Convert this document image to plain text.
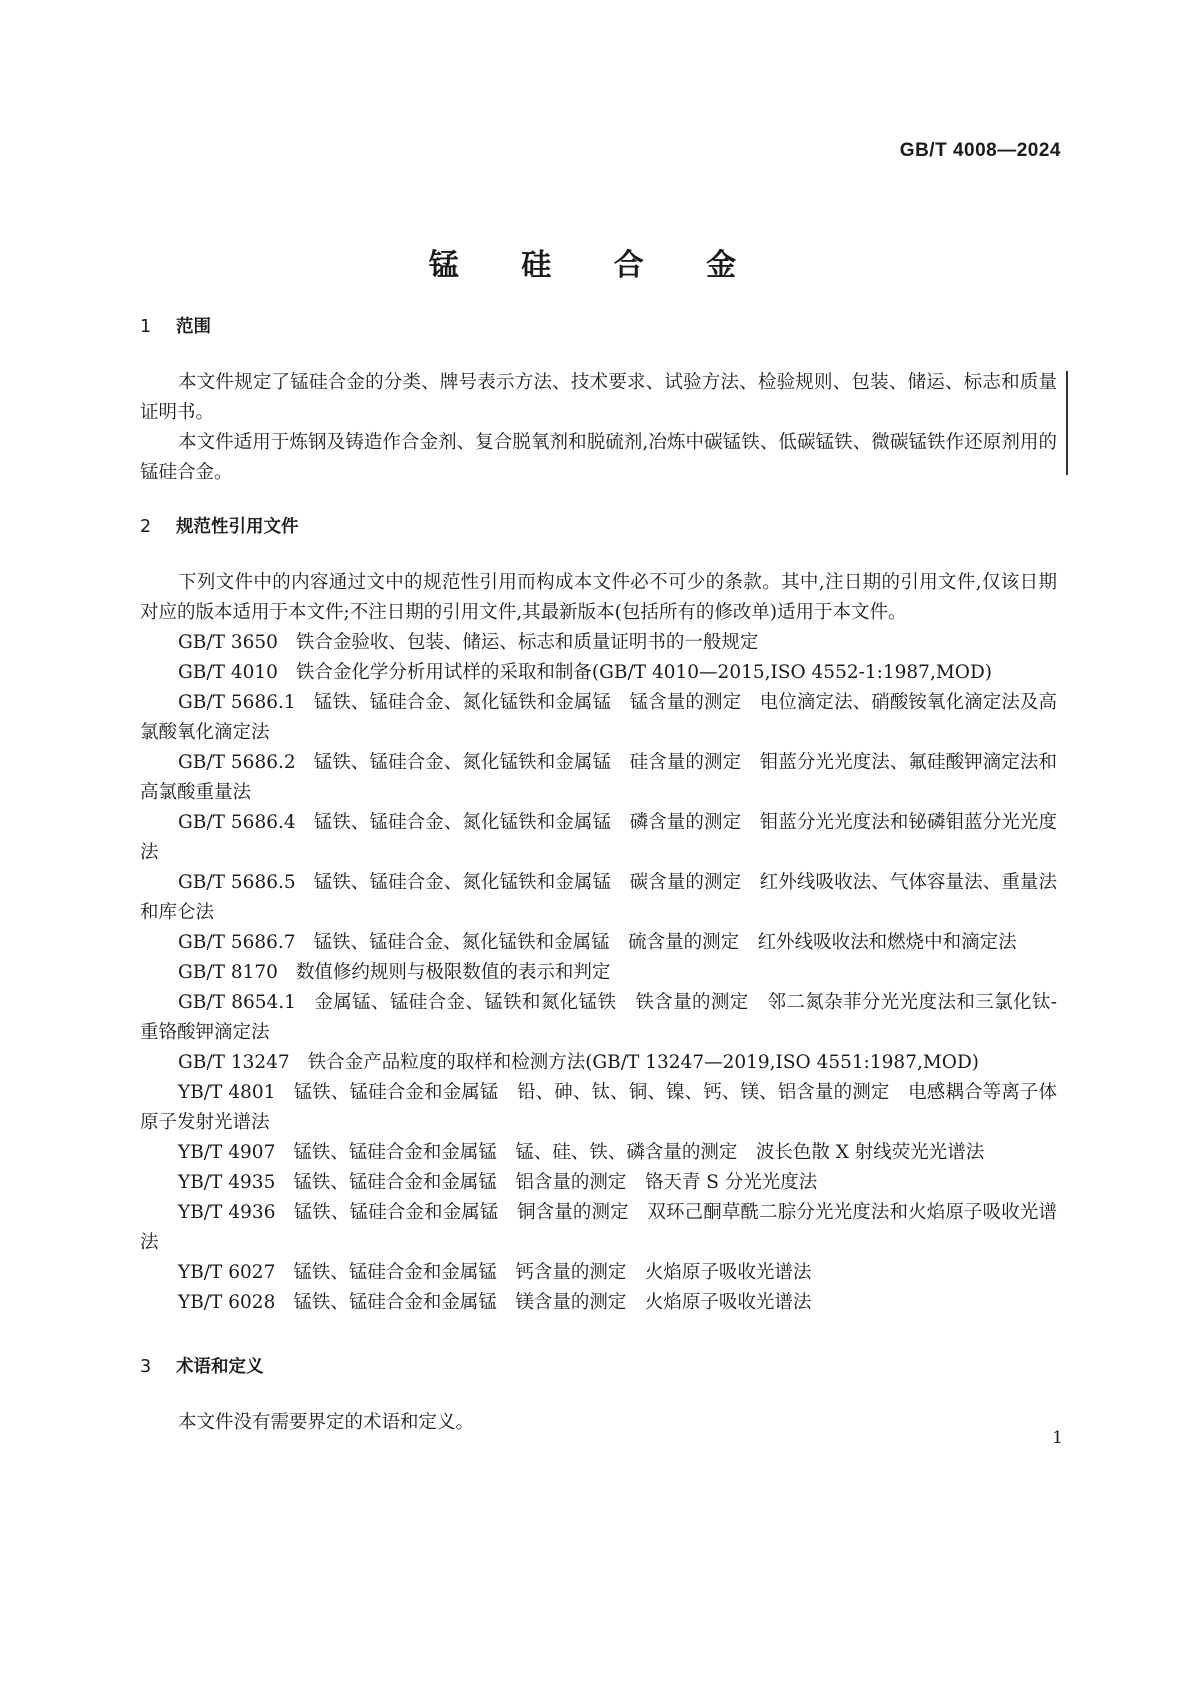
GB/T 4008—2024
锰 硅 合 金
1 范围

本文件规定了锰硅合金的分类、牌号表示方法、技术要求、试验方法、检验规则、包装、储运、标志和质量证明书。

本文件适用于炼钢及铸造作合金剂、复合脱氧剂和脱硫剂,冶炼中碳锰铁、低碳锰铁、微碳锰铁作还原剂用的锰硅合金。

2 规范性引用文件

下列文件中的内容通过文中的规范性引用而构成本文件必不可少的条款。其中,注日期的引用文件,仅该日期对应的版本适用于本文件;不注日期的引用文件,其最新版本(包括所有的修改单)适用于本文件。

GB/T 3650 铁合金验收、包装、储运、标志和质量证明书的一般规定

GB/T 4010 铁合金化学分析用试样的采取和制备(GB/T 4010—2015,ISO 4552-1:1987,MOD)

GB/T 5686.1 锰铁、锰硅合金、氮化锰铁和金属锰　锰含量的测定　电位滴定法、硝酸铵氧化滴定法及高氯酸氧化滴定法

GB/T 5686.2 锰铁、锰硅合金、氮化锰铁和金属锰　硅含量的测定　钼蓝分光光度法、氟硅酸钾滴定法和高氯酸重量法

GB/T 5686.4 锰铁、锰硅合金、氮化锰铁和金属锰　磷含量的测定　钼蓝分光光度法和铋磷钼蓝分光光度法

GB/T 5686.5 锰铁、锰硅合金、氮化锰铁和金属锰　碳含量的测定　红外线吸收法、气体容量法、重量法和库仑法

GB/T 5686.7 锰铁、锰硅合金、氮化锰铁和金属锰　硫含量的测定　红外线吸收法和燃烧中和滴定法

GB/T 8170 数值修约规则与极限数值的表示和判定

GB/T 8654.1 金属锰、锰硅合金、锰铁和氮化锰铁　铁含量的测定　邻二氮杂菲分光光度法和三氯化钛-重铬酸钾滴定法

GB/T 13247 铁合金产品粒度的取样和检测方法(GB/T 13247—2019,ISO 4551:1987,MOD)

YB/T 4801 锰铁、锰硅合金和金属锰　铅、砷、钛、铜、镍、钙、镁、铝含量的测定　电感耦合等离子体原子发射光谱法

YB/T 4907 锰铁、锰硅合金和金属锰　锰、硅、铁、磷含量的测定　波长色散 X 射线荧光光谱法

YB/T 4935 锰铁、锰硅合金和金属锰　铝含量的测定　铬天青 S 分光光度法

YB/T 4936 锰铁、锰硅合金和金属锰　铜含量的测定　双环己酮草酰二腙分光光度法和火焰原子吸收光谱法

YB/T 6027 锰铁、锰硅合金和金属锰　钙含量的测定　火焰原子吸收光谱法

YB/T 6028 锰铁、锰硅合金和金属锰　镁含量的测定　火焰原子吸收光谱法

3 术语和定义

本文件没有需要界定的术语和定义。

1
